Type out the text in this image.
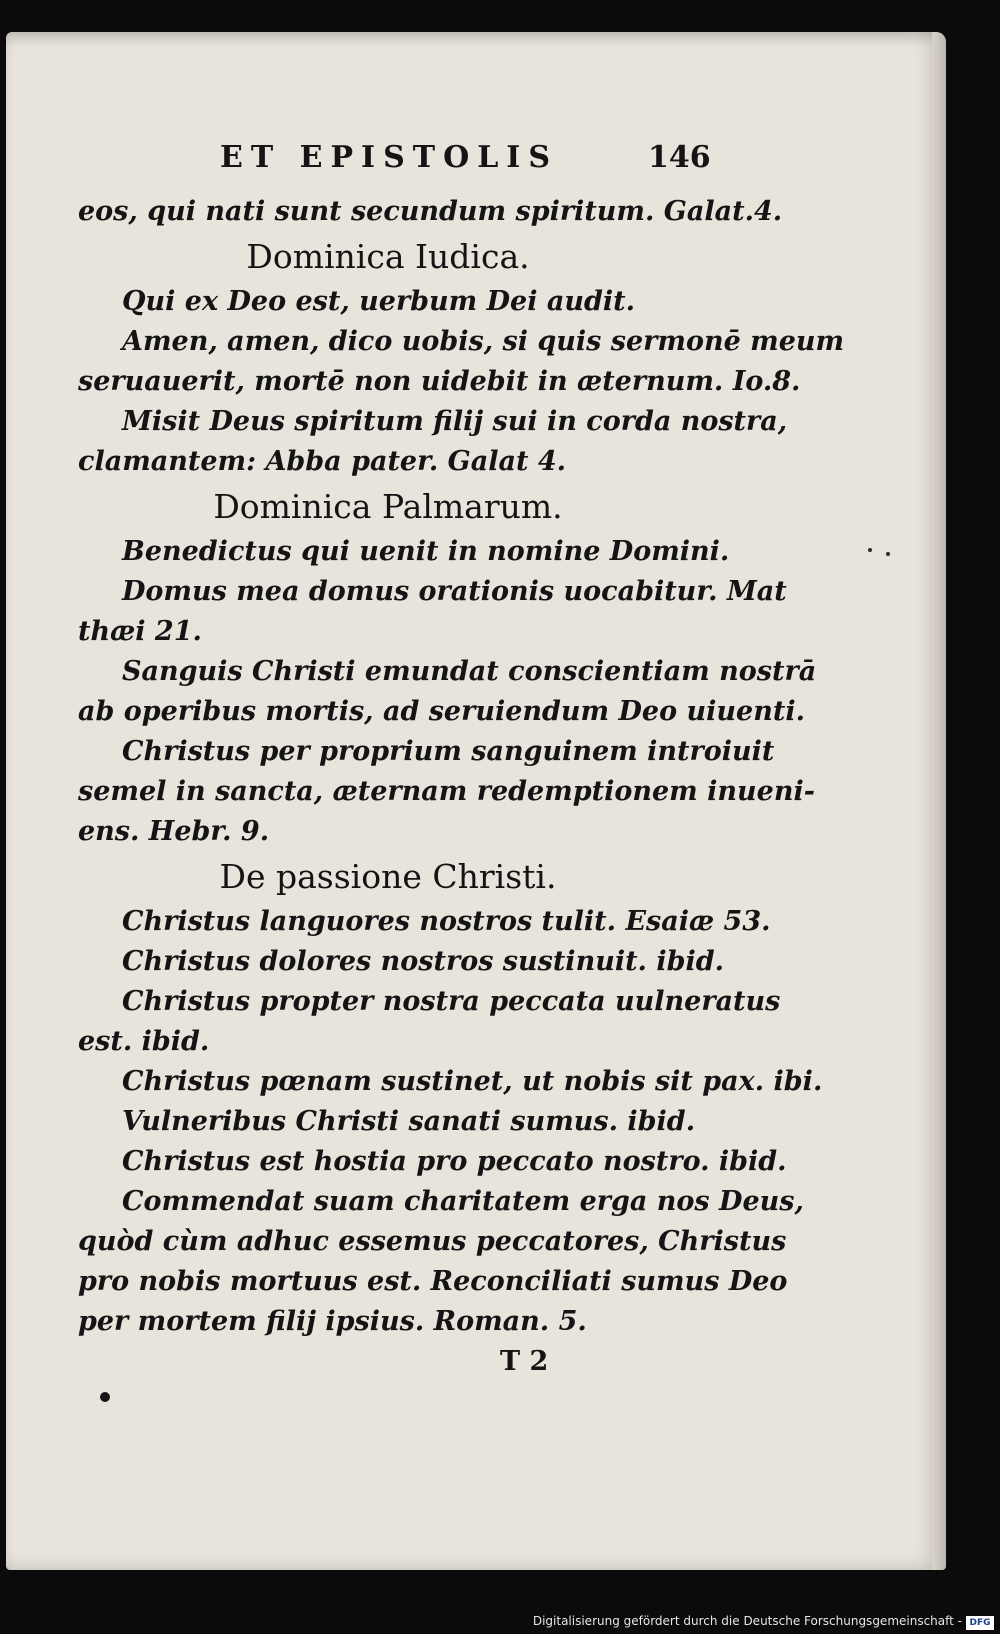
ET EPISTOLIS	146
eos, qui nati sunt secundum spiritum. Galat.4.
Dominica Iudica.
Qui ex Deo est, uerbum Dei audit.
Amen, amen, dico uobis, si quis sermonē meum
seruauerit, mortē non uidebit in æternum. Io.8.
Misit Deus spiritum filij sui in corda nostra,
clamantem: Abba pater. Galat 4.
Dominica Palmarum.
Benedictus qui uenit in nomine Domini.
Domus mea domus orationis uocabitur. Mat
thæi 21.
Sanguis Christi emundat conscientiam nostrā
ab operibus mortis, ad seruiendum Deo uiuenti.
Christus per proprium sanguinem introiuit
semel in sancta, æternam redemptionem inueni-
ens. Hebr. 9.
De passione Christi.
Christus languores nostros tulit. Esaiæ 53.
Christus dolores nostros sustinuit. ibid.
Christus propter nostra peccata uulneratus
est. ibid.
Christus pœnam sustinet, ut nobis sit pax. ibi.
Vulneribus Christi sanati sumus. ibid.
Christus est hostia pro peccato nostro. ibid.
Commendat suam charitatem erga nos Deus,
quòd cùm adhuc essemus peccatores, Christus
pro nobis mortuus est. Reconciliati sumus Deo
per mortem filij ipsius. Roman. 5.
T 2
Digitalisierung gefördert durch die Deutsche Forschungsgemeinschaft - DFG
